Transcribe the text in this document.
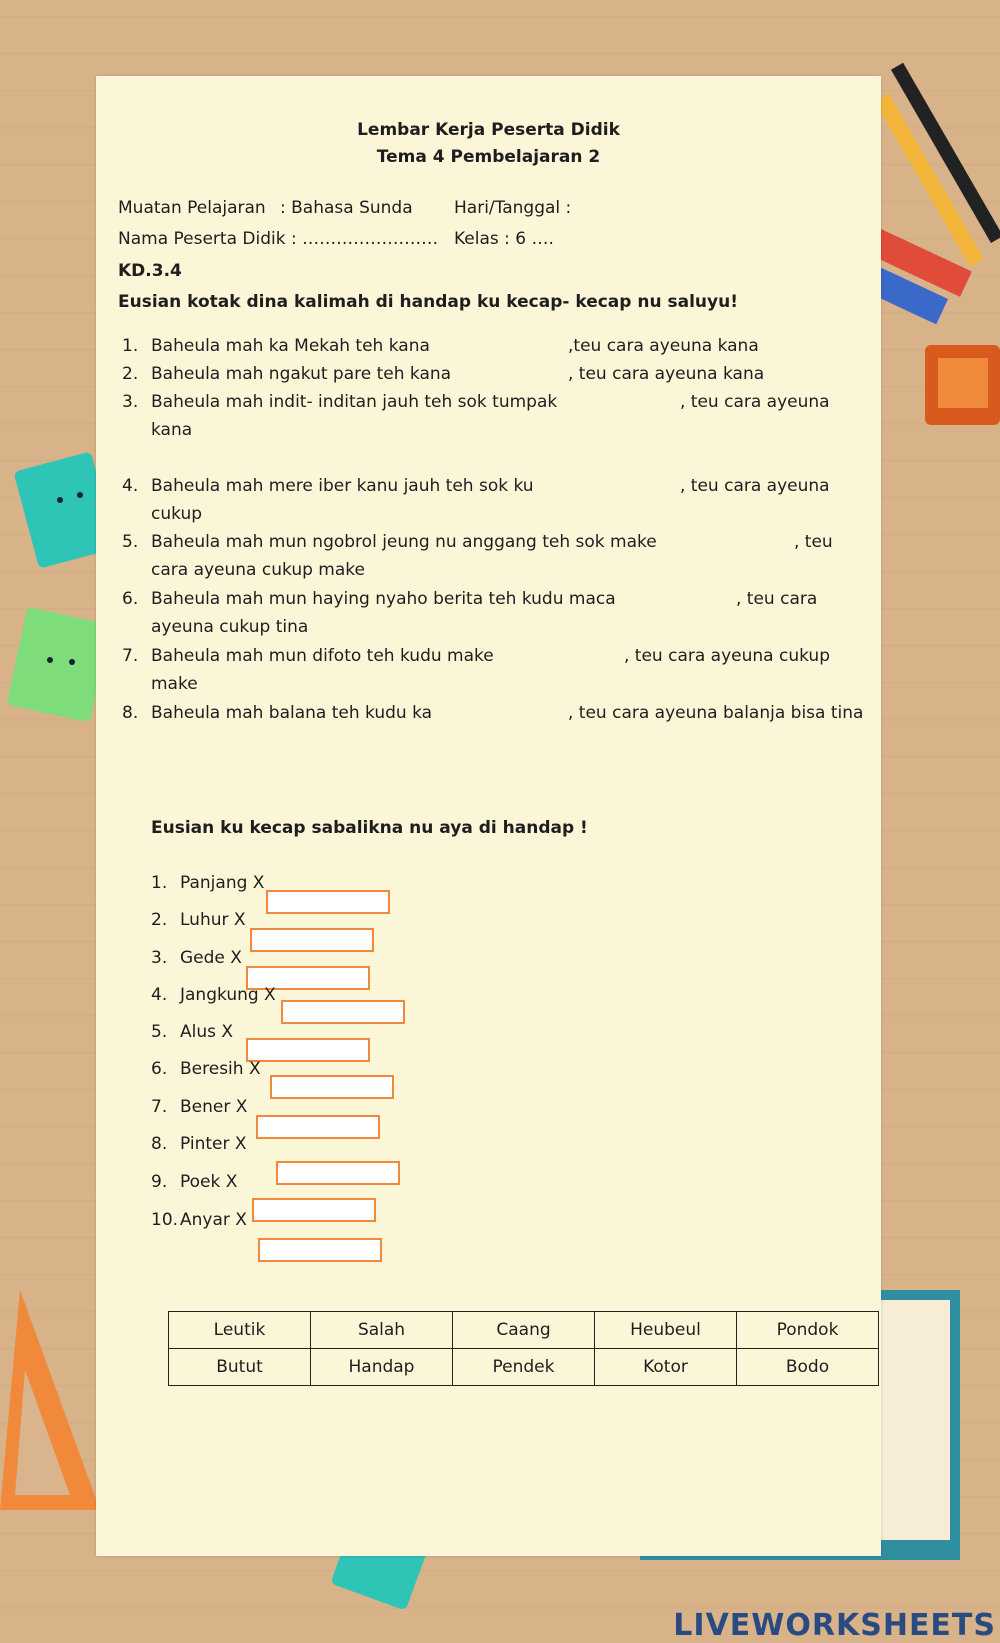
Lembar Kerja Peserta Didik
Tema 4 Pembelajaran 2
Muatan Pelajaran : Bahasa Sunda Hari/Tanggal :
Nama Peserta Didik : …………………… Kelas : 6 ….
KD.3.4
Eusian kotak dina kalimah di handap ku kecap- kecap nu saluyu!
1. Baheula mah ka Mekah teh kana	,teu cara ayeuna kana
2. Baheula mah ngakut pare teh kana	, teu cara ayeuna kana
3. Baheula mah indit- inditan jauh teh sok tumpak	, teu cara ayeuna
kana
4. Baheula mah mere iber kanu jauh teh sok ku	, teu cara ayeuna
cukup
5. Baheula mah mun ngobrol jeung nu anggang teh sok make	, teu
cara ayeuna cukup make
6. Baheula mah mun haying nyaho berita teh kudu maca	, teu cara
ayeuna cukup tina
7. Baheula mah mun difoto teh kudu make	, teu cara ayeuna cukup
make
8. Baheula mah balana teh kudu ka	, teu cara ayeuna balanja bisa tina
Eusian ku kecap sabalikna nu aya di handap !
1. Panjang X
2. Luhur X
3. Gede X
4. Jangkung X
5. Alus X
6. Beresih X
7. Bener X
8. Pinter X
9. Poek X
10. Anyar X
Leutik	Salah	Caang	Heubeul	Pondok
Butut	Handap	Pendek	Kotor	Bodo
LIVEWORKSHEETS
